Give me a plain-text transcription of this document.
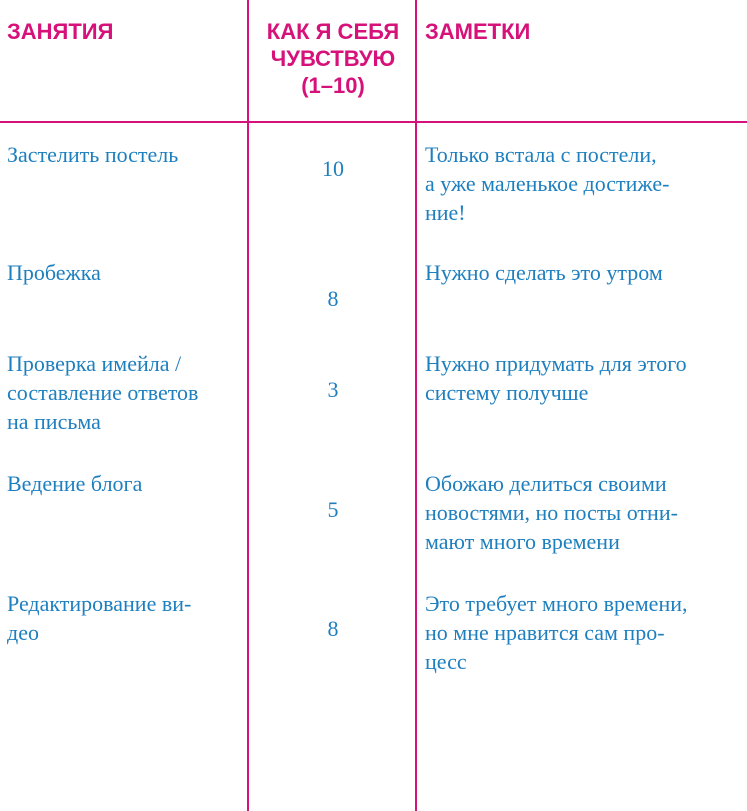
ЗАНЯТИЯ	КАК Я СЕБЯ
ЧУВСТВУЮ
(1–10)
ЗАМЕТКИ
Застелить постель
10
Только встала с постели,
а уже маленькое достиже-
ние!
Пробежка
8
Нужно сделать это утром
Проверка имейла /
составление ответов
на письма
3
Нужно придумать для этого
систему получше
Ведение блога
5
Обожаю делиться своими
новостями, но посты отни-
мают много времени
Редактирование ви-
део	8
Это требует много времени,
но мне нравится сам про-
цесс
